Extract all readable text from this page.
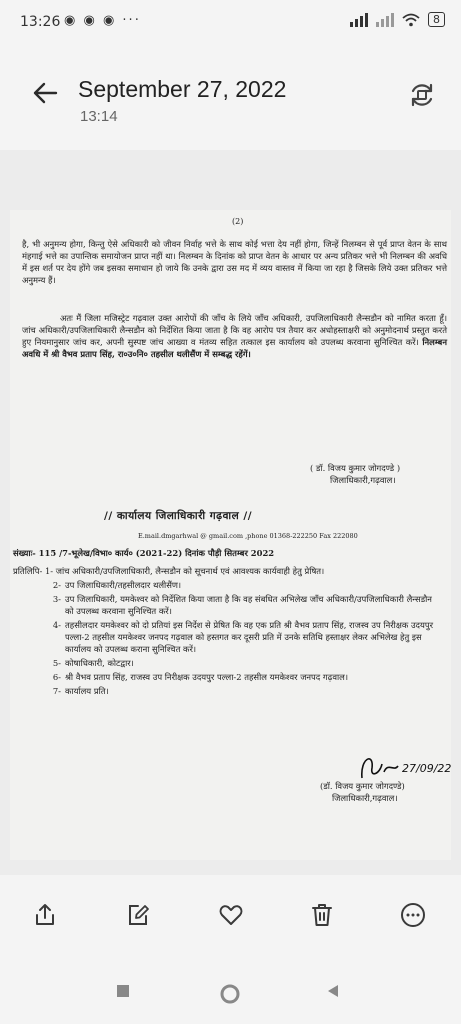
13:26 ◉ ◉ ◉ ···	8
September 27, 2022
13:14
(2)

है, भी अनुमन्य होगा, किन्तु ऐसे अधिकारी को जीवन निर्वाह भत्ते के साथ कोई भत्ता देय नहीं होगा, जिन्हें निलम्बन से पूर्व प्राप्त वेतन के साथ मंहगाई भत्ते का उपान्तिक समायोजन प्राप्त नहीं था। निलम्बन के दिनांक को प्राप्त वेतन के आधार पर अन्य प्रतिकर भत्ते भी निलम्बन की अवधि में इस शर्त पर देय होंगे जब इसका समाधान हो जाये कि उनके द्वारा उस मद में व्यय वास्तव में किया जा रहा है जिसके लिये उक्त प्रतिकर भत्ते अनुमन्य हैं।

अतः मैं जिला मजिस्ट्रेट गढ़वाल उक्त आरोपों की जाँच के लिये जाँच अधिकारी, उपजिलाधिकारी लैन्सडौन को नामित करता हूँ। जांच अधिकारी/उपजिलाधिकारी लैन्सडौन को निर्देशित किया जाता है कि वह आरोप पत्र तैयार कर अधोहस्ताक्षरी को अनुमोदनार्थ प्रस्तुत करते हुए नियमानुसार जांच कर, अपनी सुस्पष्ट जांच आख्या व मंतव्य सहित तत्काल इस कार्यालय को उपलब्ध करवाना सुनिश्चित करें। निलम्बन अवधि में श्री वैभव प्रताप सिंह, रा०उ०नि० तहसील थलीसैंण में सम्बद्ध रहेंगें।

( डॉ. विजय कुमार जोगदण्डे )
जिलाधिकारी,गढ़वाल।
// कार्यालय जिलाधिकारी गढ़वाल //
E.mail.dmgarhwal @ gmail.com ,phone 01368-222250 Fax 222080
संख्याः- 115 /7-भूलेख/विभा० कार्य० (2021-22) दिनांक पौड़ी सितम्बर 2022
प्रतिलिपि- 1- जांच अधिकारी/उपजिलाधिकारी, लैन्सडौन को सूचनार्थ एवं आवश्यक कार्यवाही हेतु प्रेषित।
2- उप जिलाधिकारी/तहसीलदार थलीसैंण।
3- उप जिलाधिकारी, यमकेश्वर को निर्देशित किया जाता है कि वह संबधित अभिलेख जाँच अधिकारी/उपजिलाधिकारी लैन्सडौन को उपलब्ध करवाना सुनिश्चित करें।
4- तहसीलदार यमकेश्वर को दो प्रतियां इस निर्देश से प्रेषित कि वह एक प्रति श्री वैभव प्रताप सिंह, राजस्व उप निरीक्षक उदयपुर पल्ला-2 तहसील यमकेश्वर जनपद गढ़वाल को हस्तगत कर दूसरी प्रति में उनके सतिथि हस्ताक्षर लेकर अभिलेख हेतु इस कार्यालय को उपलब्ध कराना सुनिश्चित करें।
5- कोषाधिकारी, कोटद्वार।
6- श्री वैभव प्रताप सिंह, राजस्व उप निरीक्षक उदयपुर पल्ला-2 तहसील यमकेश्वर जनपद गढ़वाल।
7- कार्यालय प्रति।
27/09/22
(डॉ. विजय कुमार जोगदण्डे)
जिलाधिकारी,गढ़वाल।
